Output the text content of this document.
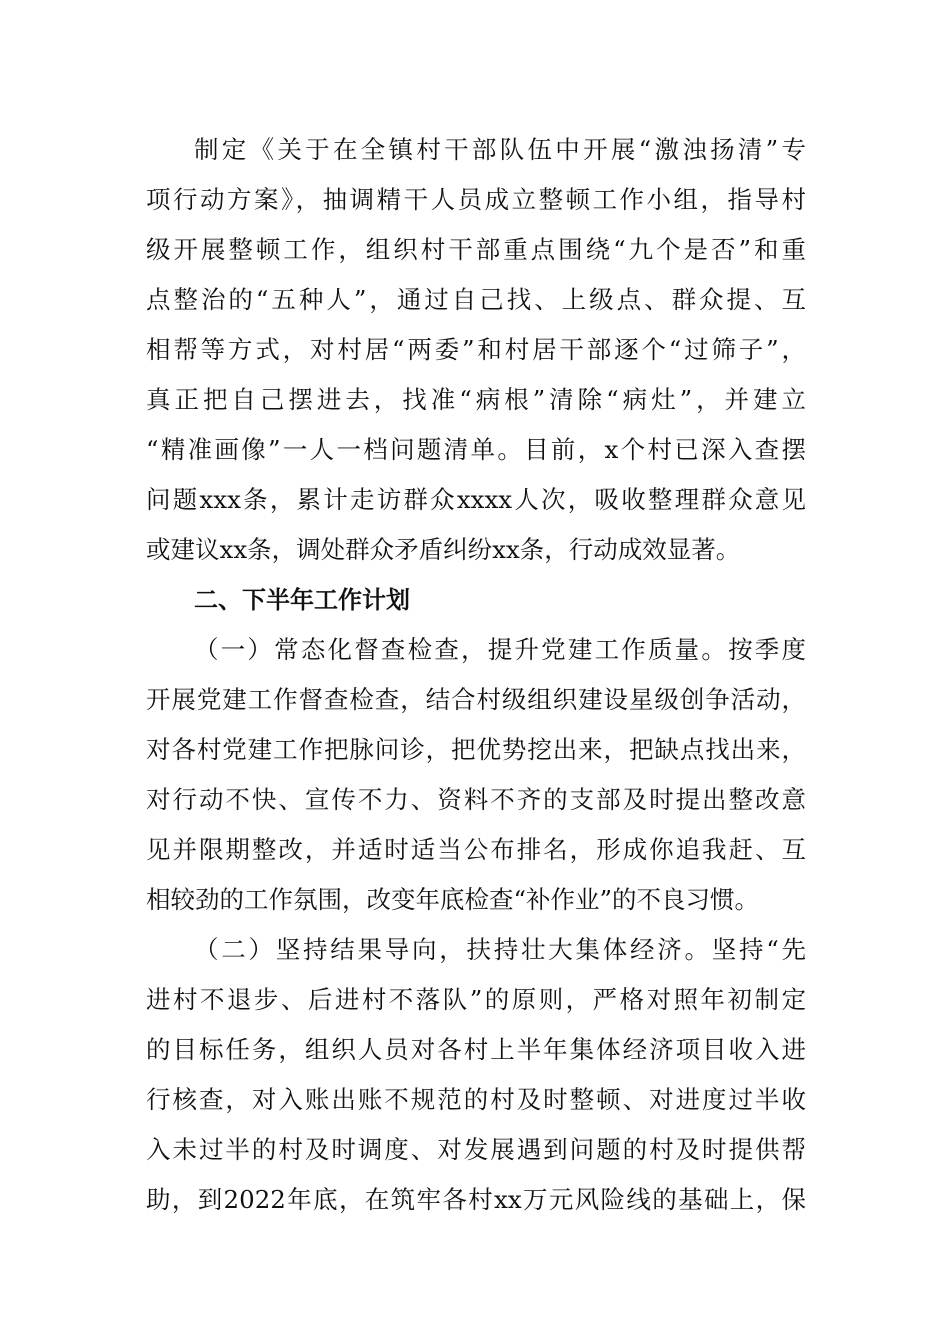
制定《关于在全镇村干部队伍中开展“激浊扬清”专
项行动方案》，抽调精干人员成立整顿工作小组，指导村
级开展整顿工作，组织村干部重点围绕“九个是否”和重
点整治的“五种人”，通过自己找、上级点、群众提、互
相帮等方式，对村居“两委”和村居干部逐个“过筛子”，
真正把自己摆进去，找准“病根”清除“病灶”，并建立
“精准画像”一人一档问题清单。目前，x个村已深入查摆
问题xxx条，累计走访群众xxxx人次，吸收整理群众意见
或建议xx条，调处群众矛盾纠纷xx条，行动成效显著。
二、下半年工作计划
（一）常态化督查检查，提升党建工作质量。按季度
开展党建工作督查检查，结合村级组织建设星级创争活动，
对各村党建工作把脉问诊，把优势挖出来，把缺点找出来，
对行动不快、宣传不力、资料不齐的支部及时提出整改意
见并限期整改，并适时适当公布排名，形成你追我赶、互
相较劲的工作氛围，改变年底检查“补作业”的不良习惯。
（二）坚持结果导向，扶持壮大集体经济。坚持“先
进村不退步、后进村不落队”的原则，严格对照年初制定
的目标任务，组织人员对各村上半年集体经济项目收入进
行核查，对入账出账不规范的村及时整顿、对进度过半收
入未过半的村及时调度、对发展遇到问题的村及时提供帮
助，到2022年底，在筑牢各村xx万元风险线的基础上，保
